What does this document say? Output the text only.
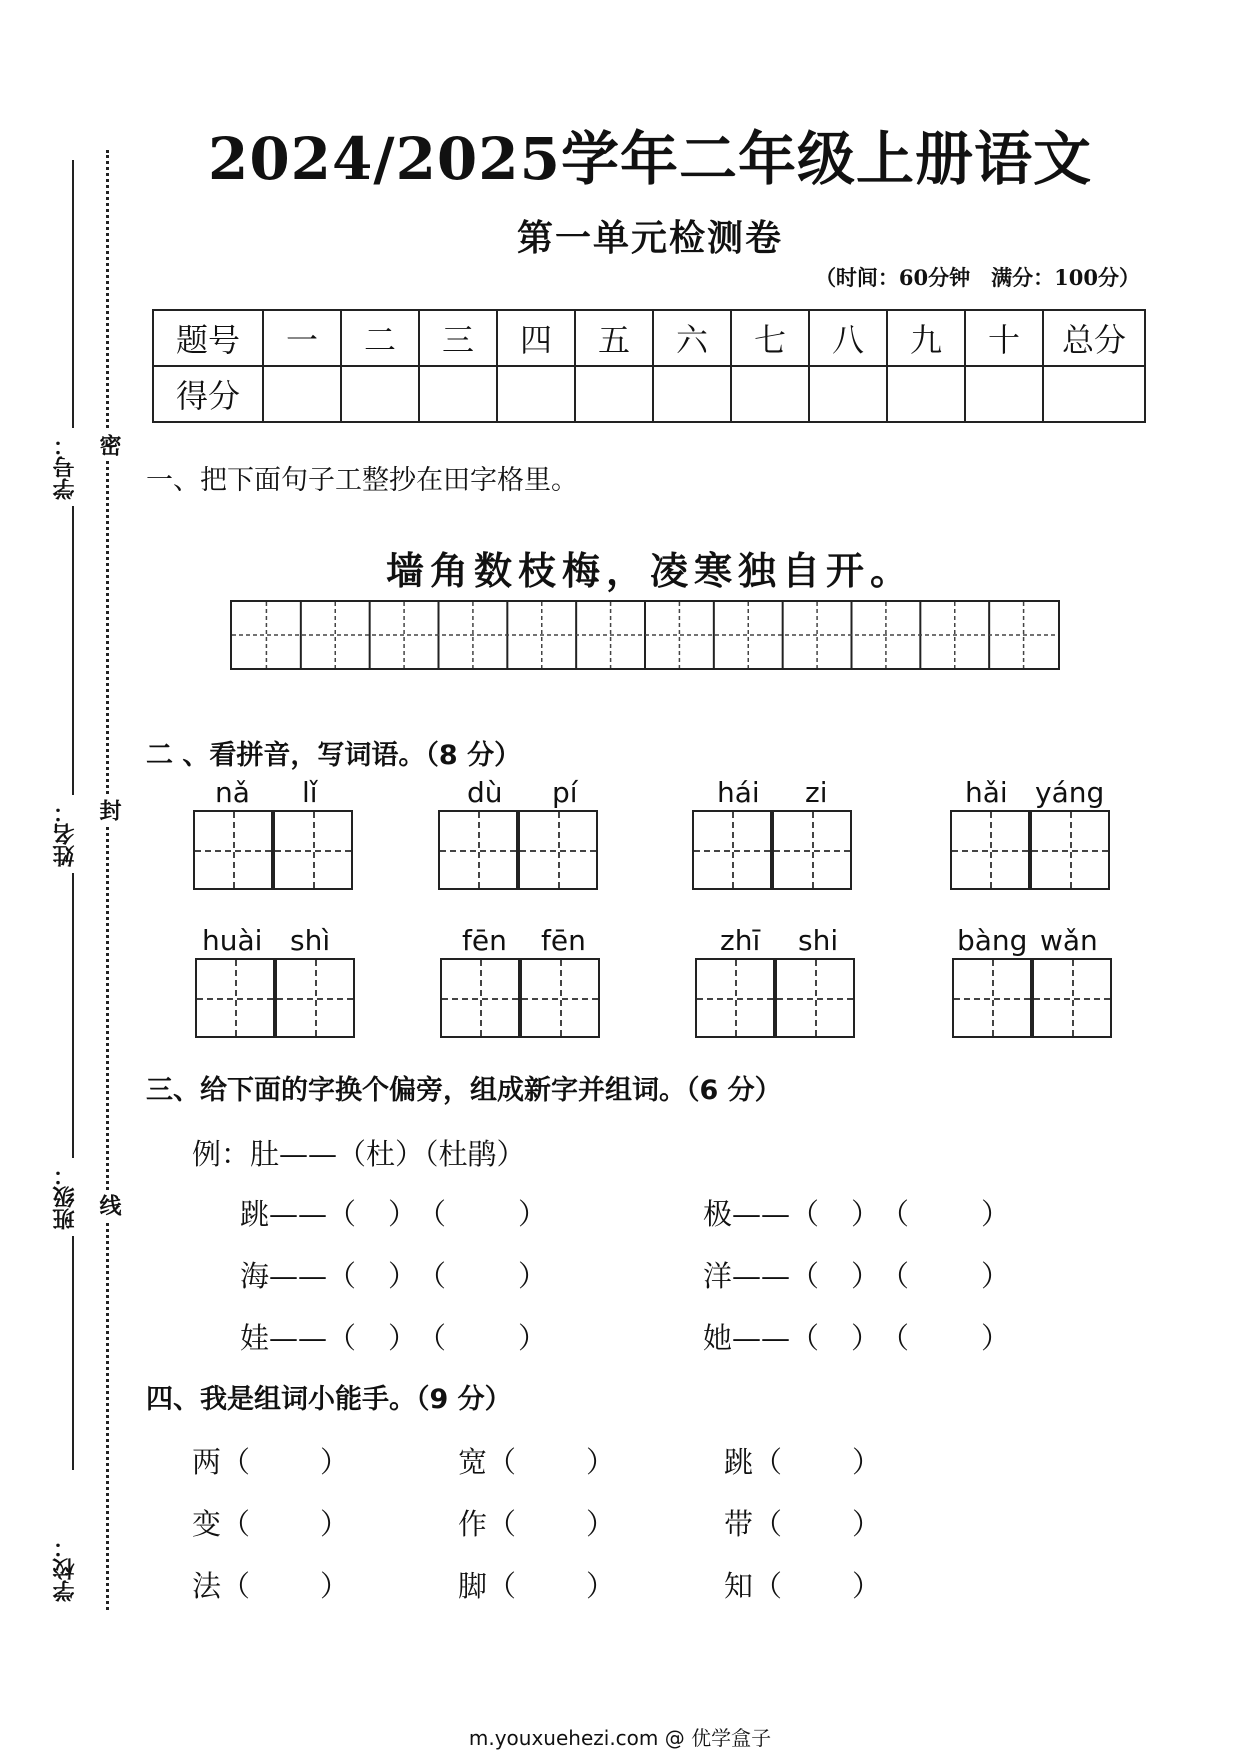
学号：
姓名：
班级：
学校：
密
封
线
2024/2025学年二年级上册语文
第一单元检测卷
（时间：60分钟　满分：100分）
题号	一	二	三	四	五	六	七	八	九	十	总分
得分											
一、把下面句子工整抄在田字格里。
墙角数枝梅，凌寒独自开。
二 、看拼音，写词语。（8 分）
nǎ lǐ	dù pí	hái zi	hǎi yáng
huài shì	fēn fēn	zhī shi	bàng wǎn
三、给下面的字换个偏旁，组成新字并组词。（6 分）
例：肚——（杜）（杜鹃）
跳——（ ） （ ）
海——（ ） （ ）
娃——（ ） （ ）
极——（ ） （ ）
洋——（ ） （ ）
她——（ ） （ ）
四、我是组词小能手。（9 分）
两（ ）	宽（ ）	跳（ ）
变（ ）	作（ ）	带（ ）
法（ ）	脚（ ）	知（ ）
m.youxuehezi.com @ 优学盒子
